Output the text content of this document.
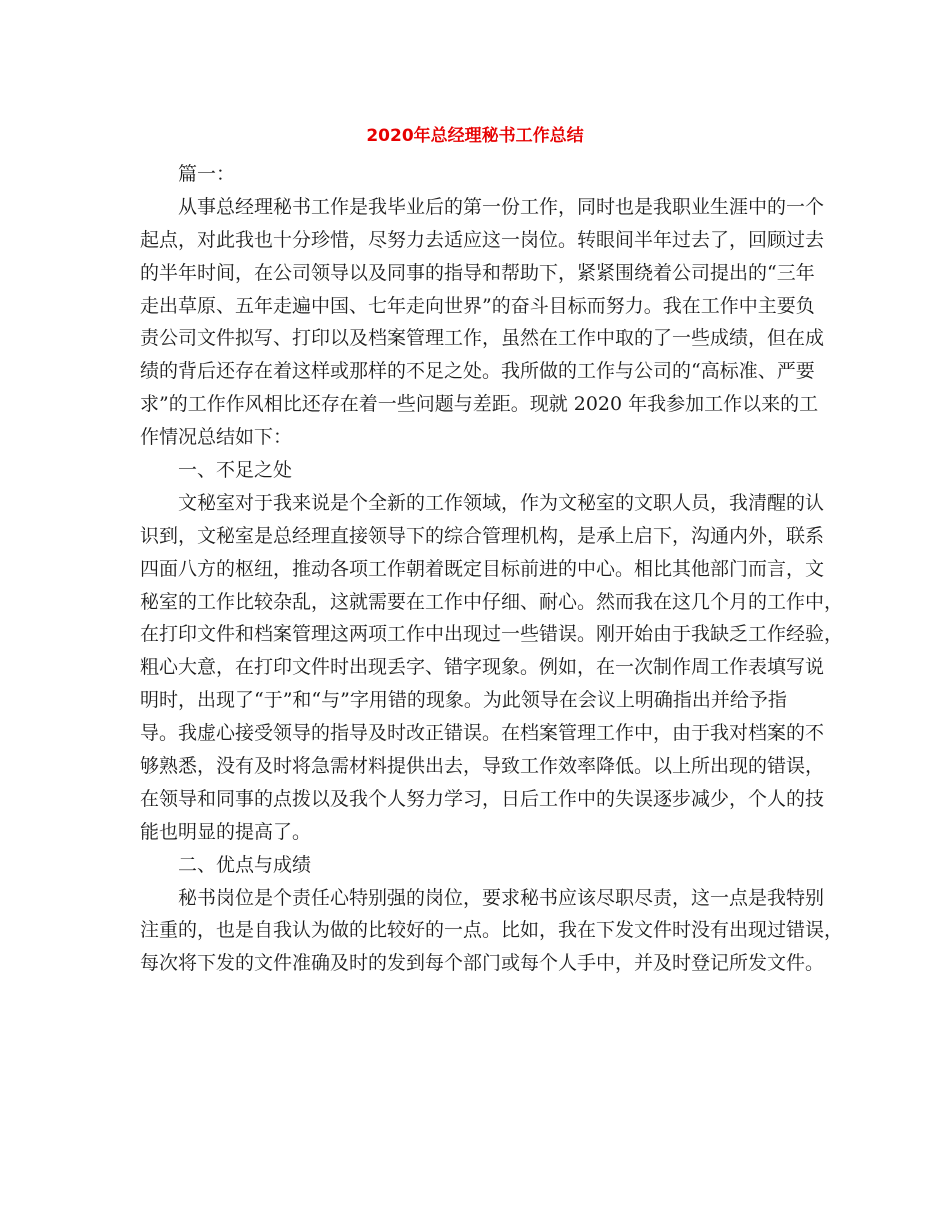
2020年总经理秘书工作总结
篇一：
从事总经理秘书工作是我毕业后的第一份工作，同时也是我职业生涯中的一个
起点，对此我也十分珍惜，尽努力去适应这一岗位。转眼间半年过去了，回顾过去
的半年时间，在公司领导以及同事的指导和帮助下，紧紧围绕着公司提出的“三年
走出草原、五年走遍中国、七年走向世界”的奋斗目标而努力。我在工作中主要负
责公司文件拟写、打印以及档案管理工作，虽然在工作中取的了一些成绩，但在成
绩的背后还存在着这样或那样的不足之处。我所做的工作与公司的“高标准、严要
求”的工作作风相比还存在着一些问题与差距。现就 2020 年我参加工作以来的工
作情况总结如下：
一、不足之处
文秘室对于我来说是个全新的工作领域，作为文秘室的文职人员，我清醒的认
识到，文秘室是总经理直接领导下的综合管理机构，是承上启下，沟通内外，联系
四面八方的枢纽，推动各项工作朝着既定目标前进的中心。相比其他部门而言，文
秘室的工作比较杂乱，这就需要在工作中仔细、耐心。然而我在这几个月的工作中，
在打印文件和档案管理这两项工作中出现过一些错误。刚开始由于我缺乏工作经验，
粗心大意，在打印文件时出现丢字、错字现象。例如，在一次制作周工作表填写说
明时，出现了“于”和“与”字用错的现象。为此领导在会议上明确指出并给予指
导。我虚心接受领导的指导及时改正错误。在档案管理工作中，由于我对档案的不
够熟悉，没有及时将急需材料提供出去，导致工作效率降低。以上所出现的错误，
在领导和同事的点拨以及我个人努力学习，日后工作中的失误逐步减少，个人的技
能也明显的提高了。
二、优点与成绩
秘书岗位是个责任心特别强的岗位，要求秘书应该尽职尽责，这一点是我特别
注重的，也是自我认为做的比较好的一点。比如，我在下发文件时没有出现过错误，
每次将下发的文件准确及时的发到每个部门或每个人手中，并及时登记所发文件。
